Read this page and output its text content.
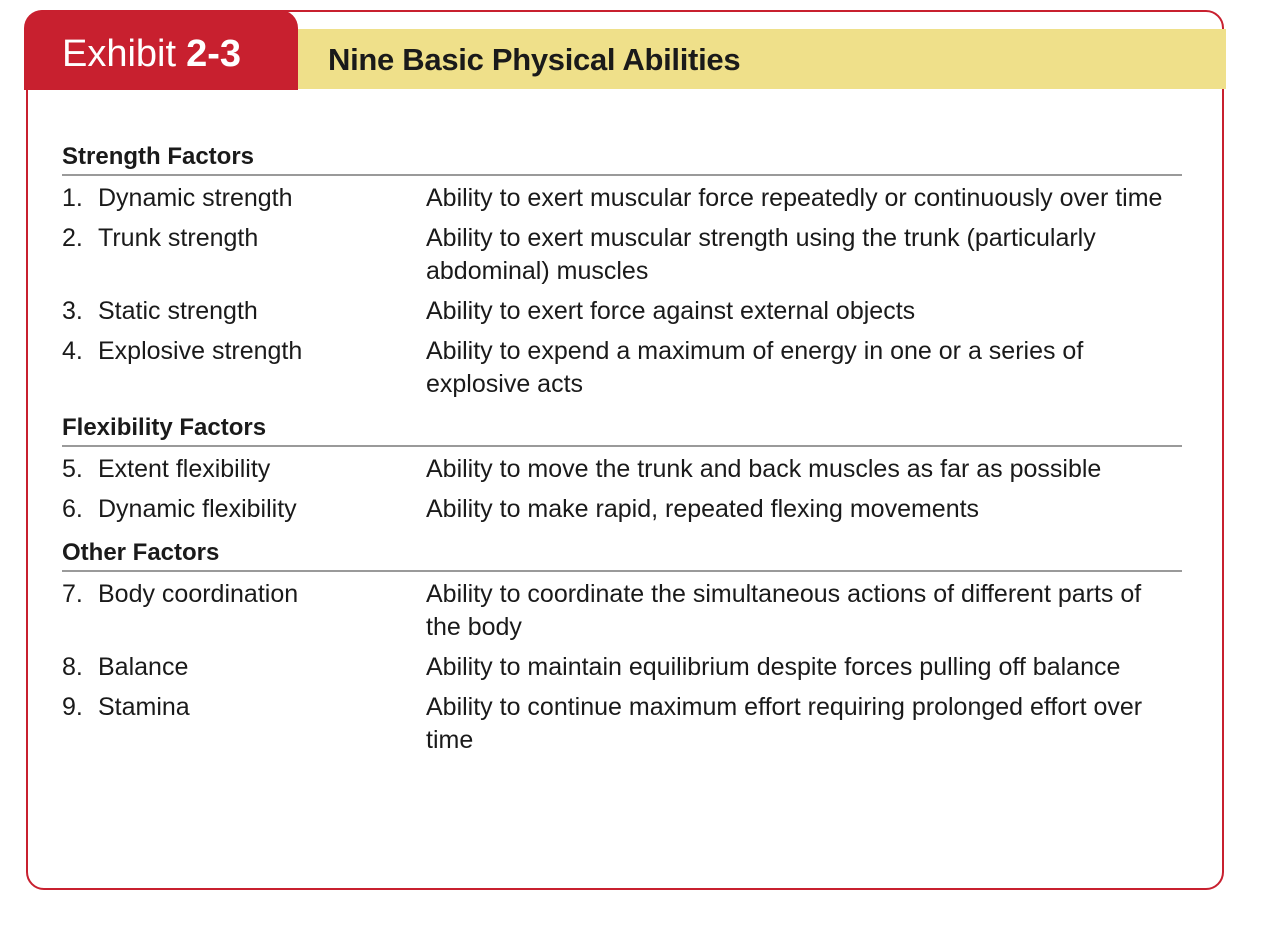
Nine Basic Physical Abilities
Exhibit 2-3
Strength Factors
1. Dynamic strength	Ability to exert muscular force repeatedly or continuously over time
2. Trunk strength	Ability to exert muscular strength using the trunk (particularly abdominal) muscles
3. Static strength	Ability to exert force against external objects
4. Explosive strength	Ability to expend a maximum of energy in one or a series of explosive acts
Flexibility Factors
5. Extent flexibility	Ability to move the trunk and back muscles as far as possible
6. Dynamic flexibility	Ability to make rapid, repeated flexing movements
Other Factors
7. Body coordination	Ability to coordinate the simultaneous actions of different parts of the body
8. Balance	Ability to maintain equilibrium despite forces pulling off balance
9. Stamina	Ability to continue maximum effort requiring prolonged effort over time
